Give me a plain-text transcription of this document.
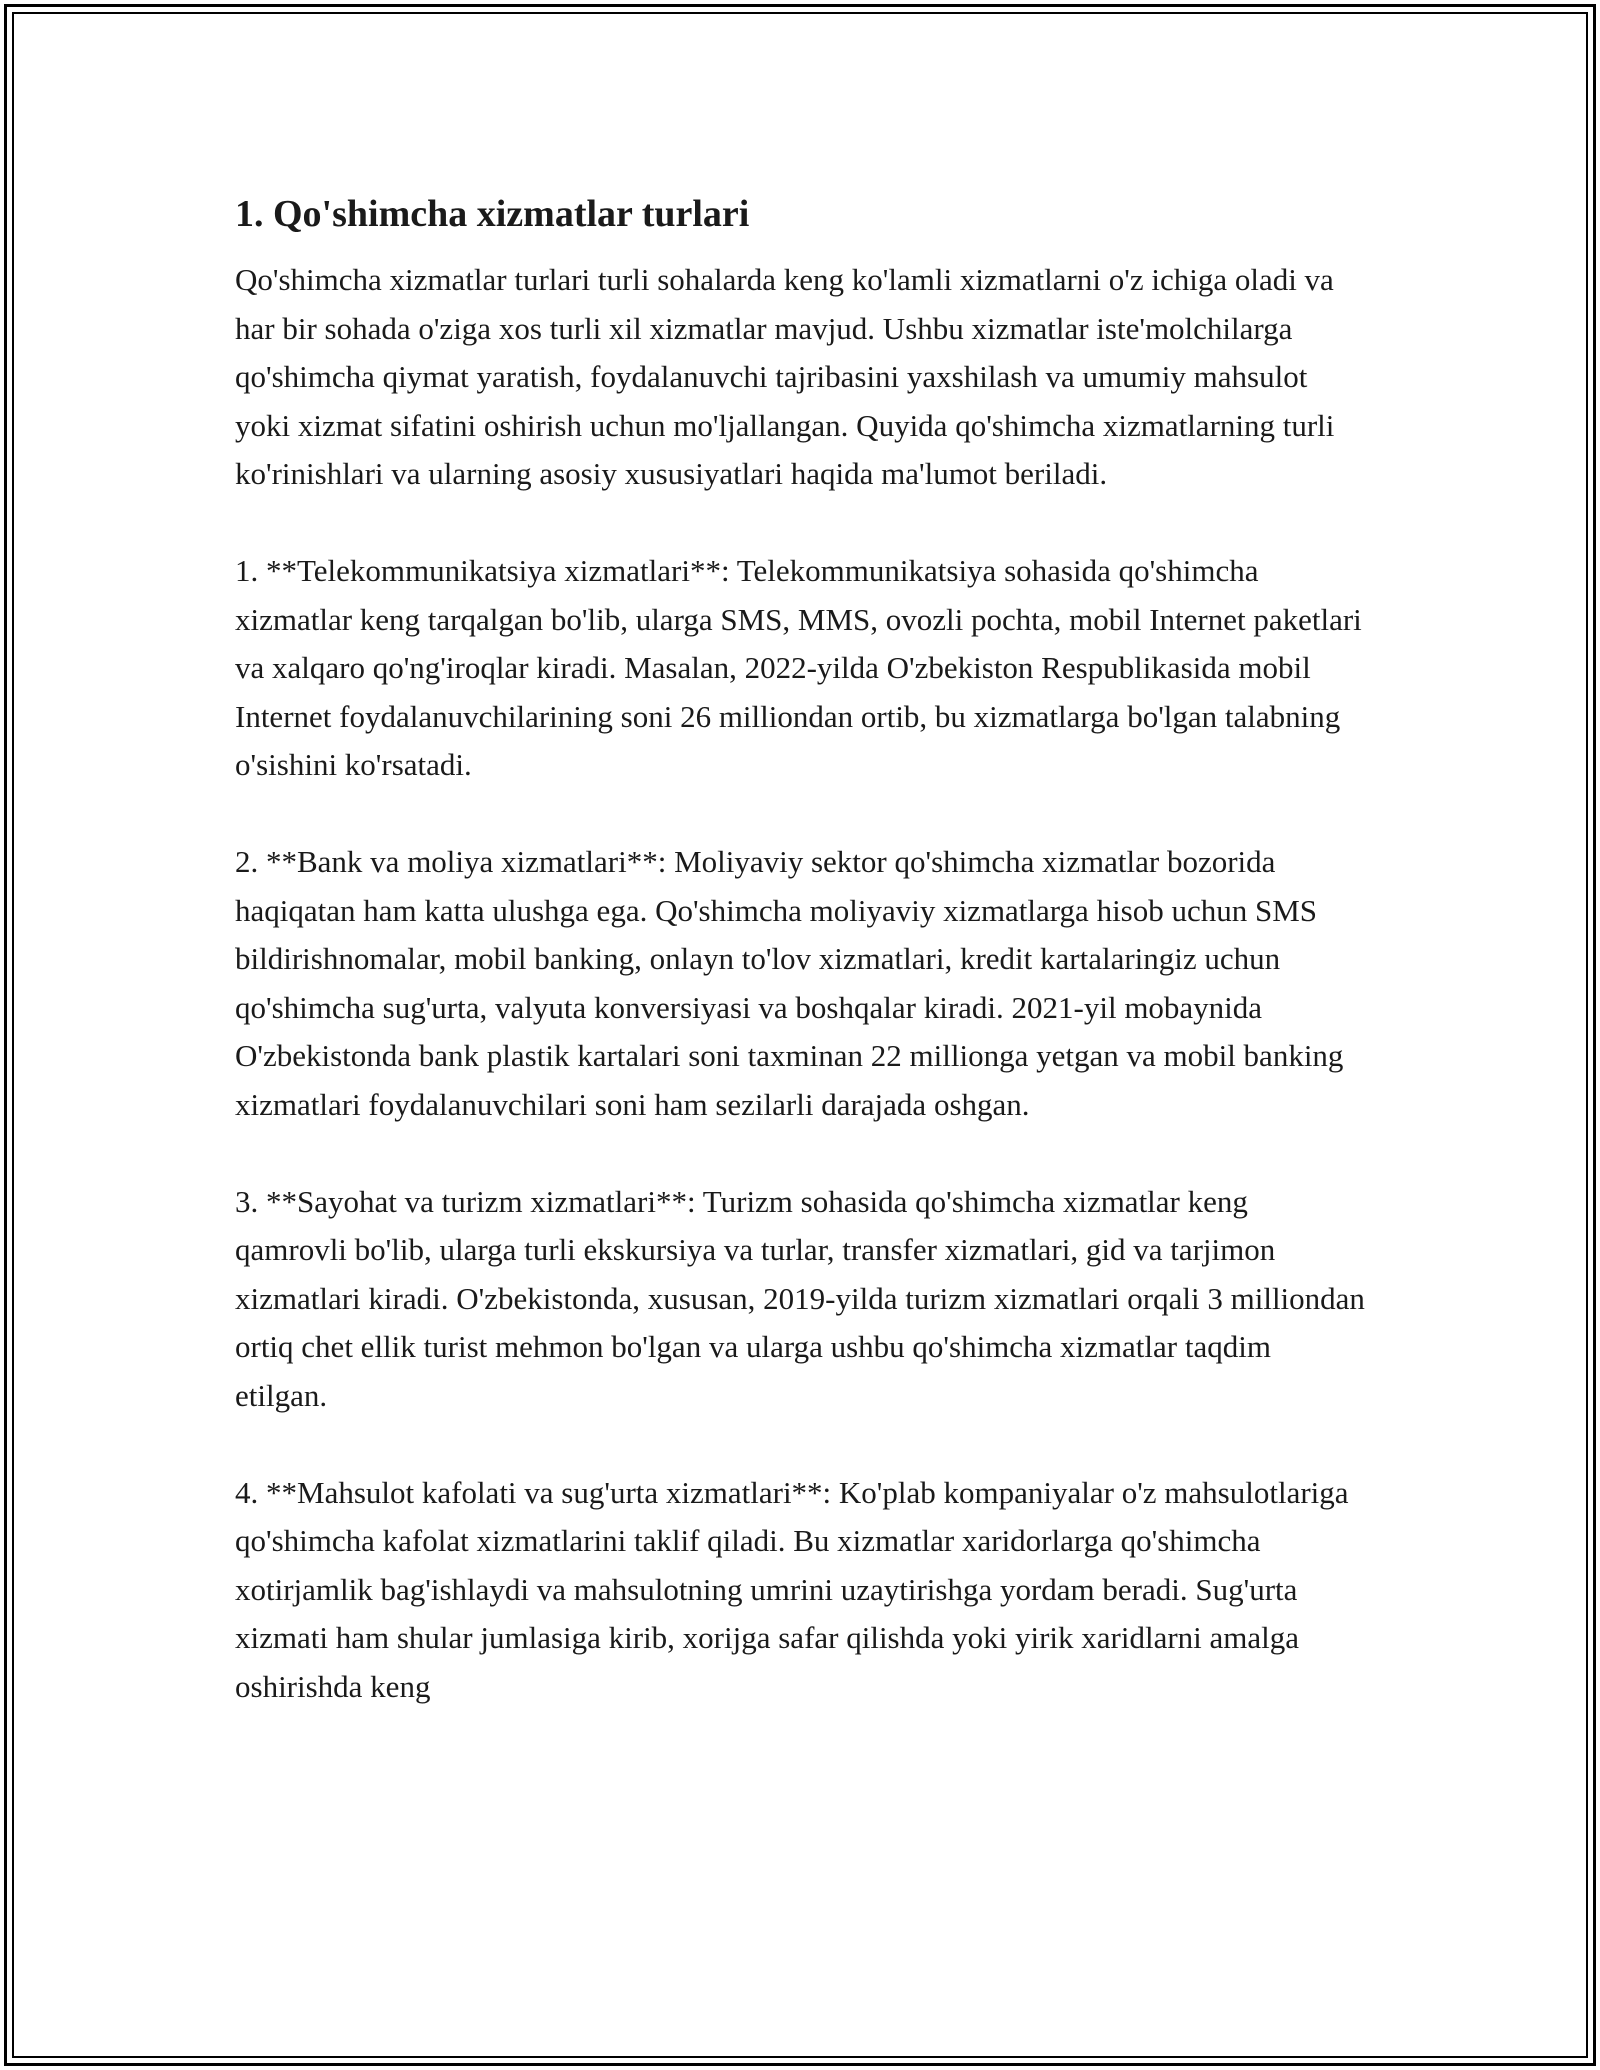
1. Qo'shimcha xizmatlar turlari

Qo'shimcha xizmatlar turlari turli sohalarda keng ko'lamli xizmatlarni o'z ichiga oladi va har bir sohada o'ziga xos turli xil xizmatlar mavjud. Ushbu xizmatlar iste'molchilarga qo'shimcha qiymat yaratish, foydalanuvchi tajribasini yaxshilash va umumiy mahsulot yoki xizmat sifatini oshirish uchun mo'ljallangan. Quyida qo'shimcha xizmatlarning turli ko'rinishlari va ularning asosiy xususiyatlari haqida ma'lumot beriladi.

1. **Telekommunikatsiya xizmatlari**: Telekommunikatsiya sohasida qo'shimcha xizmatlar keng tarqalgan bo'lib, ularga SMS, MMS, ovozli pochta, mobil Internet paketlari va xalqaro qo'ng'iroqlar kiradi. Masalan, 2022-yilda O'zbekiston Respublikasida mobil Internet foydalanuvchilarining soni 26 milliondan ortib, bu xizmatlarga bo'lgan talabning o'sishini ko'rsatadi.

2. **Bank va moliya xizmatlari**: Moliyaviy sektor qo'shimcha xizmatlar bozorida haqiqatan ham katta ulushga ega. Qo'shimcha moliyaviy xizmatlarga hisob uchun SMS bildirishnomalar, mobil banking, onlayn to'lov xizmatlari, kredit kartalaringiz uchun qo'shimcha sug'urta, valyuta konversiyasi va boshqalar kiradi. 2021-yil mobaynida O'zbekistonda bank plastik kartalari soni taxminan 22 millionga yetgan va mobil banking xizmatlari foydalanuvchilari soni ham sezilarli darajada oshgan.

3. **Sayohat va turizm xizmatlari**: Turizm sohasida qo'shimcha xizmatlar keng qamrovli bo'lib, ularga turli ekskursiya va turlar, transfer xizmatlari, gid va tarjimon xizmatlari kiradi. O'zbekistonda, xususan, 2019-yilda turizm xizmatlari orqali 3 milliondan ortiq chet ellik turist mehmon bo'lgan va ularga ushbu qo'shimcha xizmatlar taqdim etilgan.

4. **Mahsulot kafolati va sug'urta xizmatlari**: Ko'plab kompaniyalar o'z mahsulotlariga qo'shimcha kafolat xizmatlarini taklif qiladi. Bu xizmatlar xaridorlarga qo'shimcha xotirjamlik bag'ishlaydi va mahsulotning umrini uzaytirishga yordam beradi. Sug'urta xizmati ham shular jumlasiga kirib, xorijga safar qilishda yoki yirik xaridlarni amalga oshirishda keng
